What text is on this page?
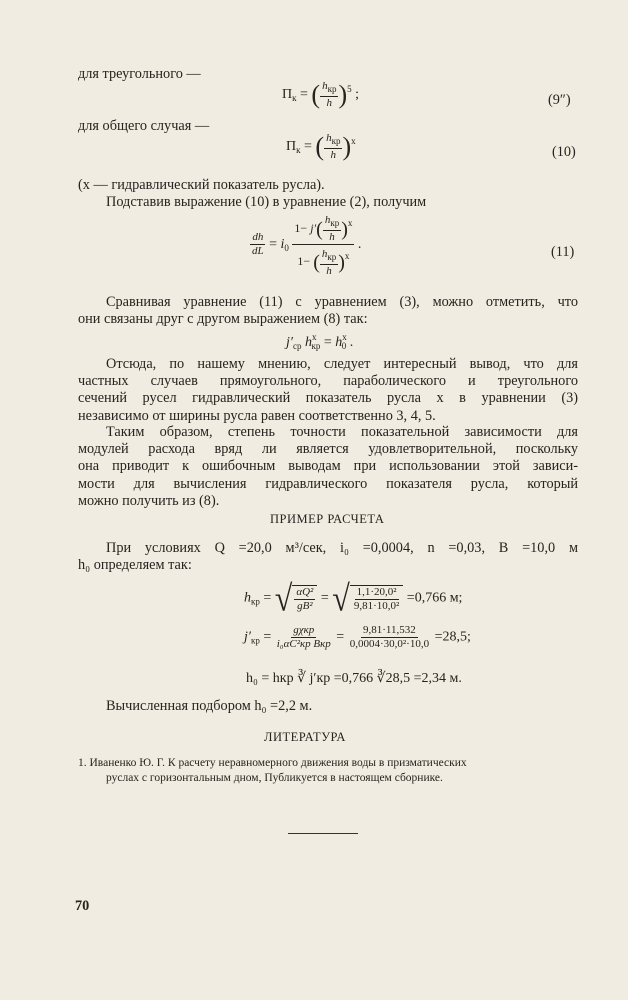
для треугольного —
$П_к$ = ( $\frac{h_{кр}}{h} )^5$ ;	(9″)
для общего случая —
$П_к$ = ( $\frac{h_{кр}}{h} )^x$
(10)
(x — гидравлический показатель русла).
Подставив выражение (10) в уравнение (2), получим
$\frac{dh}{dL} = i_0 \frac{1- j'( \frac{h_{кр}}{h} )^x}{1- ( \frac{h_{кр}}{h} )^x}$ .	(11)
Сравнивая уравнение (11) с уравнением (3), можно отметить, что
они связаны друг с другом выражением (8) так:
$j'_{ср}$ $h^x_{кр} = h^x_0$ .
Отсюда, по нашему мнению, следует интересный вывод, что для
частных случаев прямоугольного, параболического и треугольного
сечений русел гидравлический показатель русла x в уравнении (3)
независимо от ширины русла равен соответственно 3, 4, 5.
Таким образом, степень точности показательной зависимости для
модулей расхода вряд ли является удовлетворительной, поскольку
она приводит к ошибочным выводам при использовании этой зависи-
мости для вычисления гидравлического показателя русла, который
можно получить из (8).
ПРИМЕР РАСЧЕТА
При условиях Q =20,0 м³/сек, i₀ =0,0004, n =0,03, B =10,0 м
h₀ определяем так:
$h_{кр}$ = √ $\frac{\text{αQ²}}{\text{gB²}}$ = √ $\frac{\text{1,1·20,0²}}{\text{9,81·10,0²}} =0,766$ м;
$j'_{кр} = \frac{\text{gχкр}}{\text{i₀αC²кр Bкр}} = \frac{9,81\cdot 11,532}{\text{0,0004·30,0²·10,0}} =28,5$;
h₀ = hкр ∛ j′кр =0,766 ∛28,5 =2,34 м.
Вычисленная подбором h₀ =2,2 м.
ЛИТЕРАТУРА
1. Иваненко Ю. Г. К расчету неравномерного движения воды в призматических
руслах с горизонтальным дном, Публикуется в настоящем сборнике.
70
